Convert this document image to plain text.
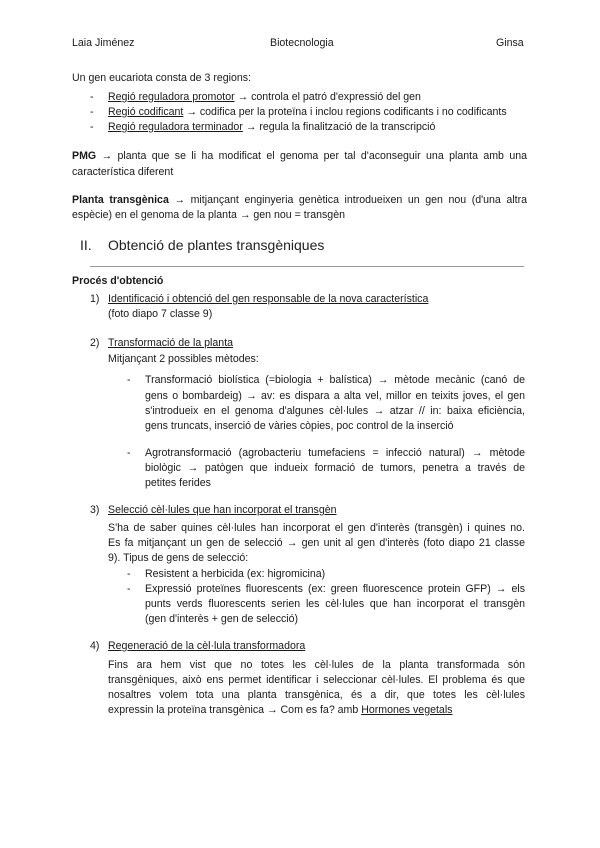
Laia Jiménez	Biotecnologia	Ginsa
Un gen eucariota consta de 3 regions:
- Regió reguladora promotor → controla el patró d'expressió del gen
- Regió codificant → codifica per la proteïna i inclou regions codificants i no codificants
- Regió reguladora terminador → regula la finalització de la transcripció
PMG → planta que se li ha modificat el genoma per tal d'aconseguir una planta amb una
característica diferent
Planta transgènica → mitjançant enginyeria genètica introdueixen un gen nou (d'una altra
espècie) en el genoma de la planta → gen nou = transgèn
II. Obtenció de plantes transgèniques
Procés d'obtenció
1) Identificació i obtenció del gen responsable de la nova característica
(foto diapo 7 classe 9)
2) Transformació de la planta
Mitjançant 2 possibles mètodes:
- Transformació biolística (=biologia + balística) → mètode mecànic (canó de
gens o bombardeig) → av: es dispara a alta vel, millor en teixits joves, el gen
s'introdueix en el genoma d'algunes cèl·lules → atzar // in: baixa eficiència,
gens truncats, inserció de vàries còpies, poc control de la inserció
- Agrotransformació (agrobacteriu tumefaciens = infecció natural) → mètode
biològic → patògen que indueix formació de tumors, penetra a través de
petites ferides
3) Selecció cèl·lules que han incorporat el transgèn
S'ha de saber quines cèl·lules han incorporat el gen d'interès (transgèn) i quines no.
Es fa mitjançant un gen de selecció → gen unit al gen d'interès (foto diapo 21 classe
9). Tipus de gens de selecció:
- Resistent a herbicida (ex: higromicina)
- Expressió proteïnes fluorescents (ex: green fluorescence protein GFP) → els
punts verds fluorescents serien les cèl·lules que han incorporat el transgèn
(gen d'interès + gen de selecció)
4) Regeneració de la cèl·lula transformadora
Fins ara hem vist que no totes les cèl·lules de la planta transformada són
transgèniques, això ens permet identificar i seleccionar cèl·lules. El problema és que
nosaltres volem tota una planta transgènica, és a dir, que totes les cèl·lules
expressin la proteïna transgènica → Com es fa? amb Hormones vegetals
